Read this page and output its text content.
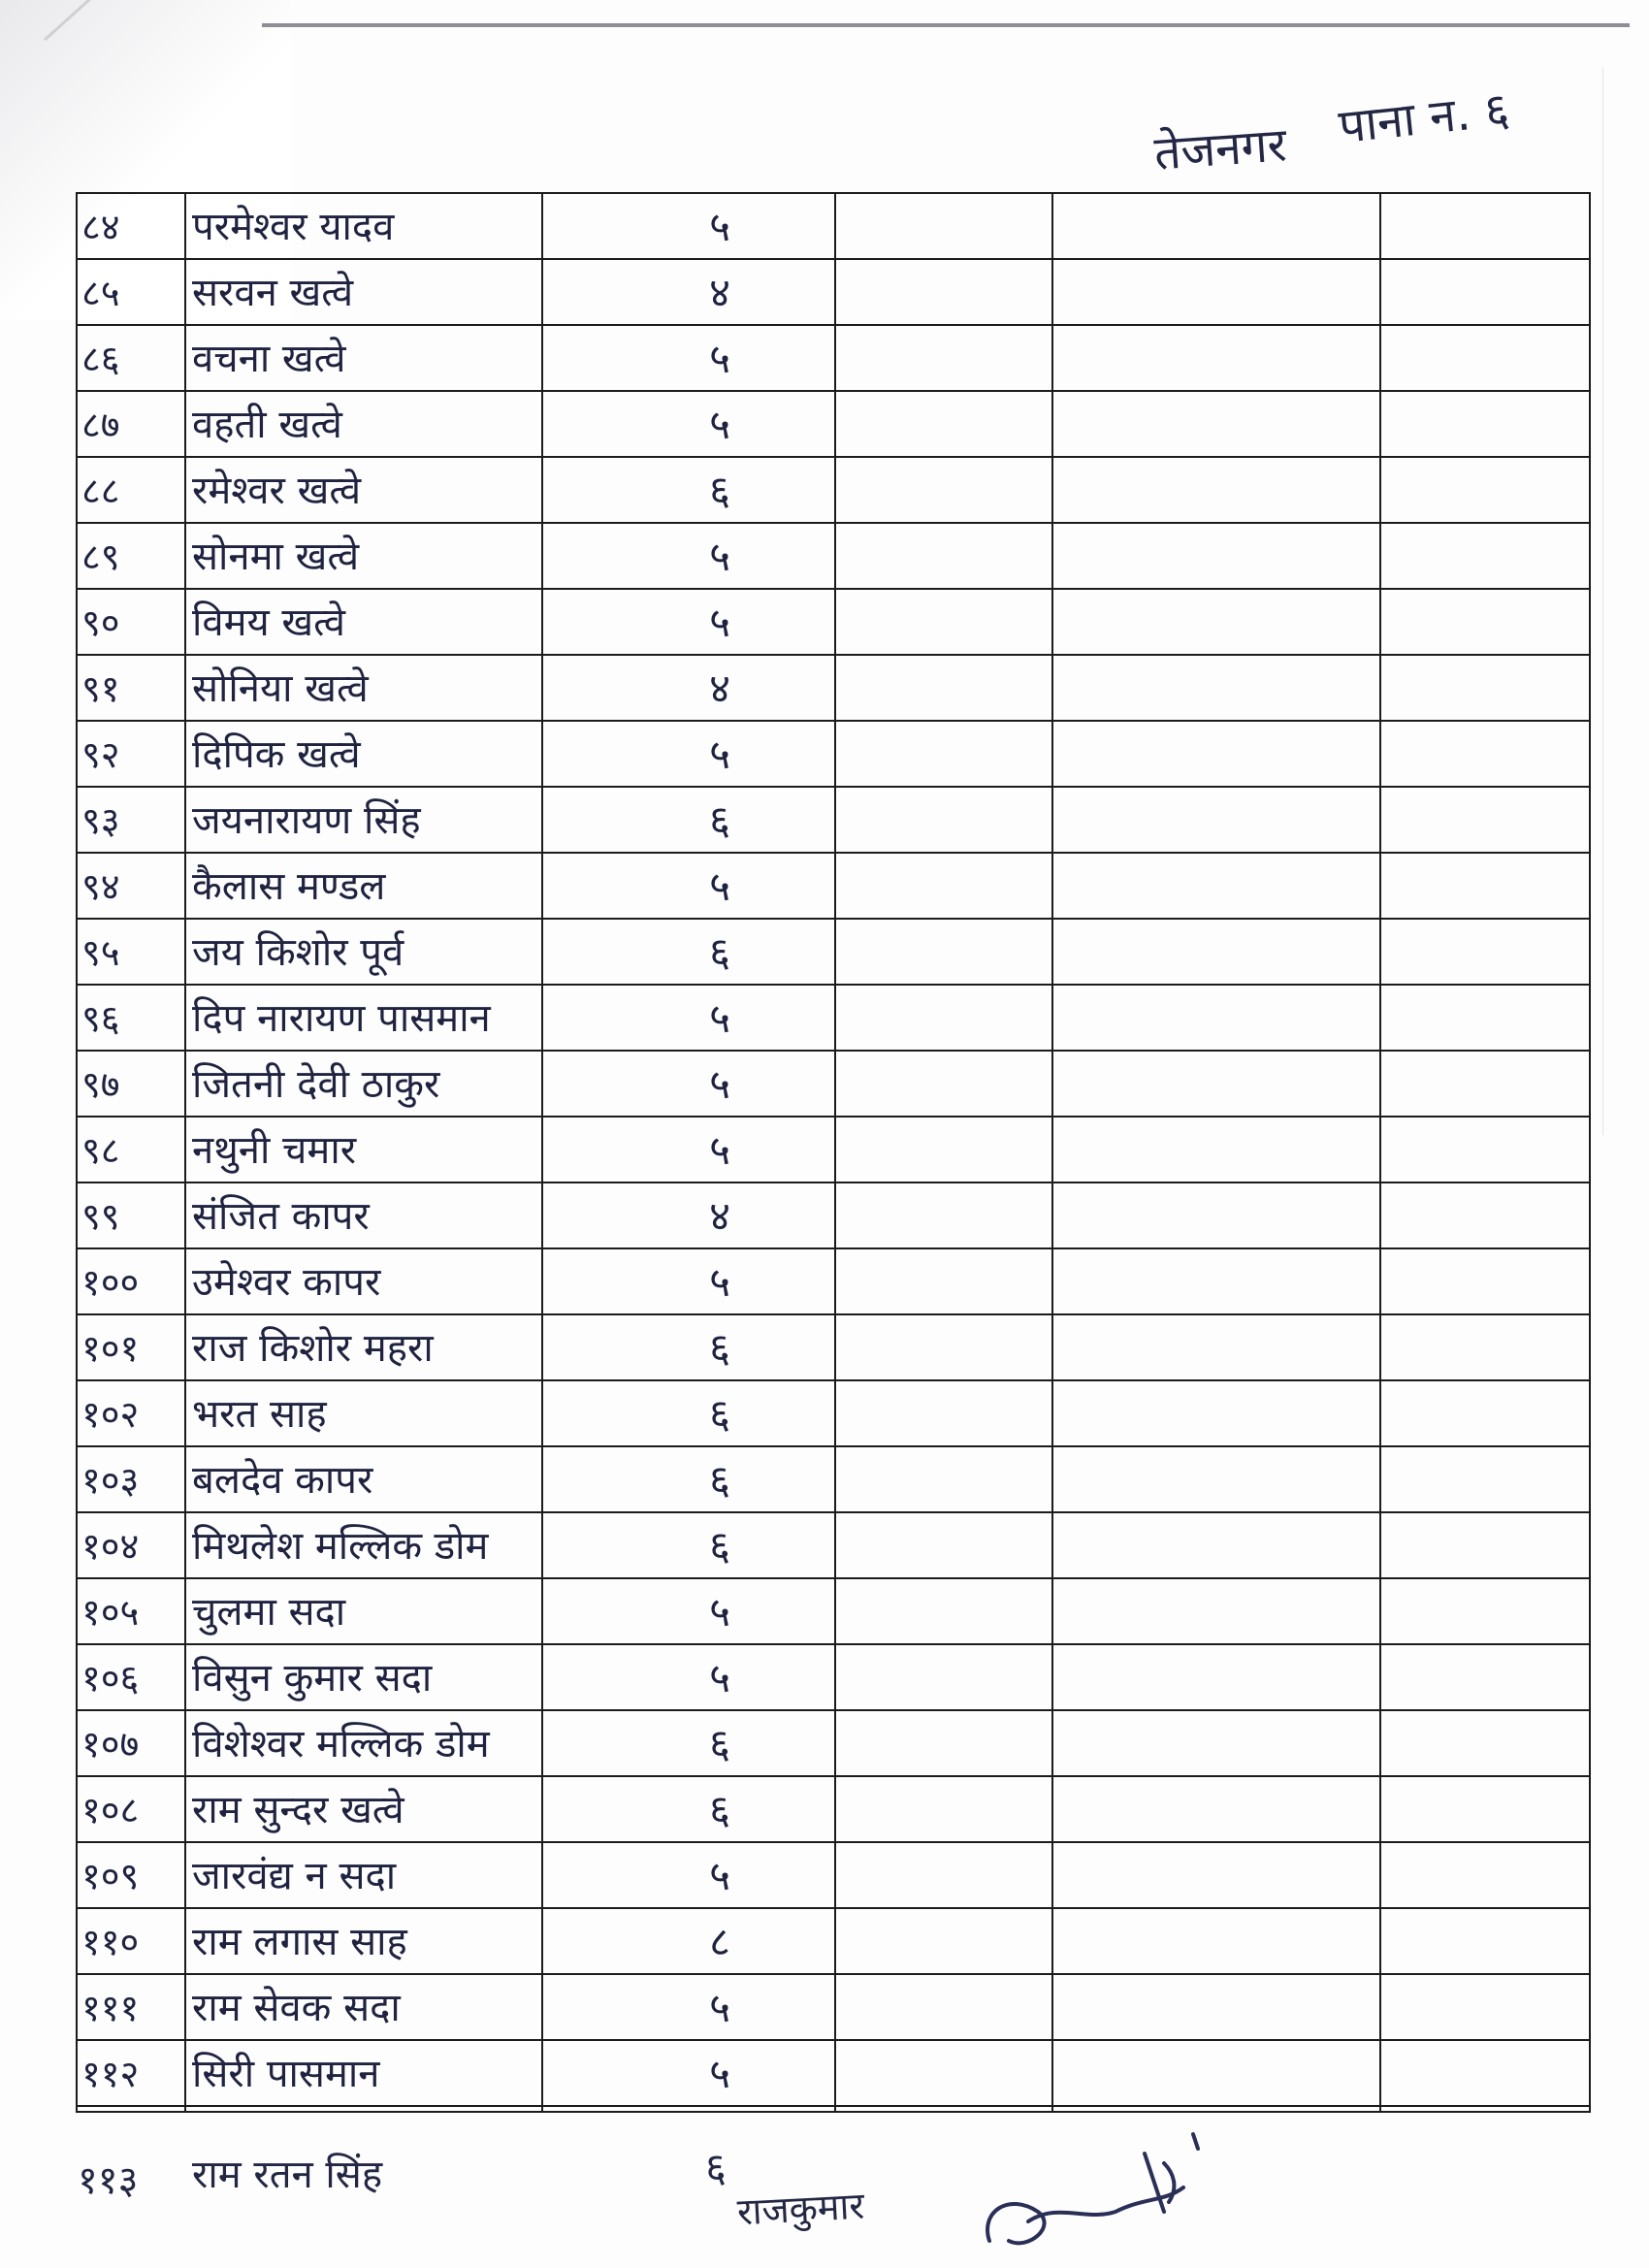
तेजनगर पाना न. ६
८४	परमेश्वर यादव	५
८५	सरवन खत्वे	४
८६	वचना खत्वे	५
८७	वहती खत्वे	५
८८	रमेश्वर खत्वे	६
८९	सोनमा खत्वे	५
९०	विमय खत्वे	५
९१	सोनिया खत्वे	४
९२	दिपिक खत्वे	५
९३	जयनारायण सिंह	६
९४	कैलास मण्डल	५
९५	जय किशोर पूर्व	६
९६	दिप नारायण पासमान	५
९७	जितनी देवी ठाकुर	५
९८	नथुनी चमार	५
९९	संजित कापर	४
१००	उमेश्वर कापर	५
१०१	राज किशोर महरा	६
१०२	भरत साह	६
१०३	बलदेव कापर	६
१०४	मिथलेश मल्लिक डोम	६
१०५	चुलमा सदा	५
१०६	विसुन कुमार सदा	५
१०७	विशेश्वर मल्लिक डोम	६
१०८	राम सुन्दर खत्वे	६
१०९	जारवंद्य न सदा	५
११०	राम लगास साह	८
१११	राम सेवक सदा	५
११२	सिरी पासमान	५
११३ राम रतन सिंह	६
राजकुमार
